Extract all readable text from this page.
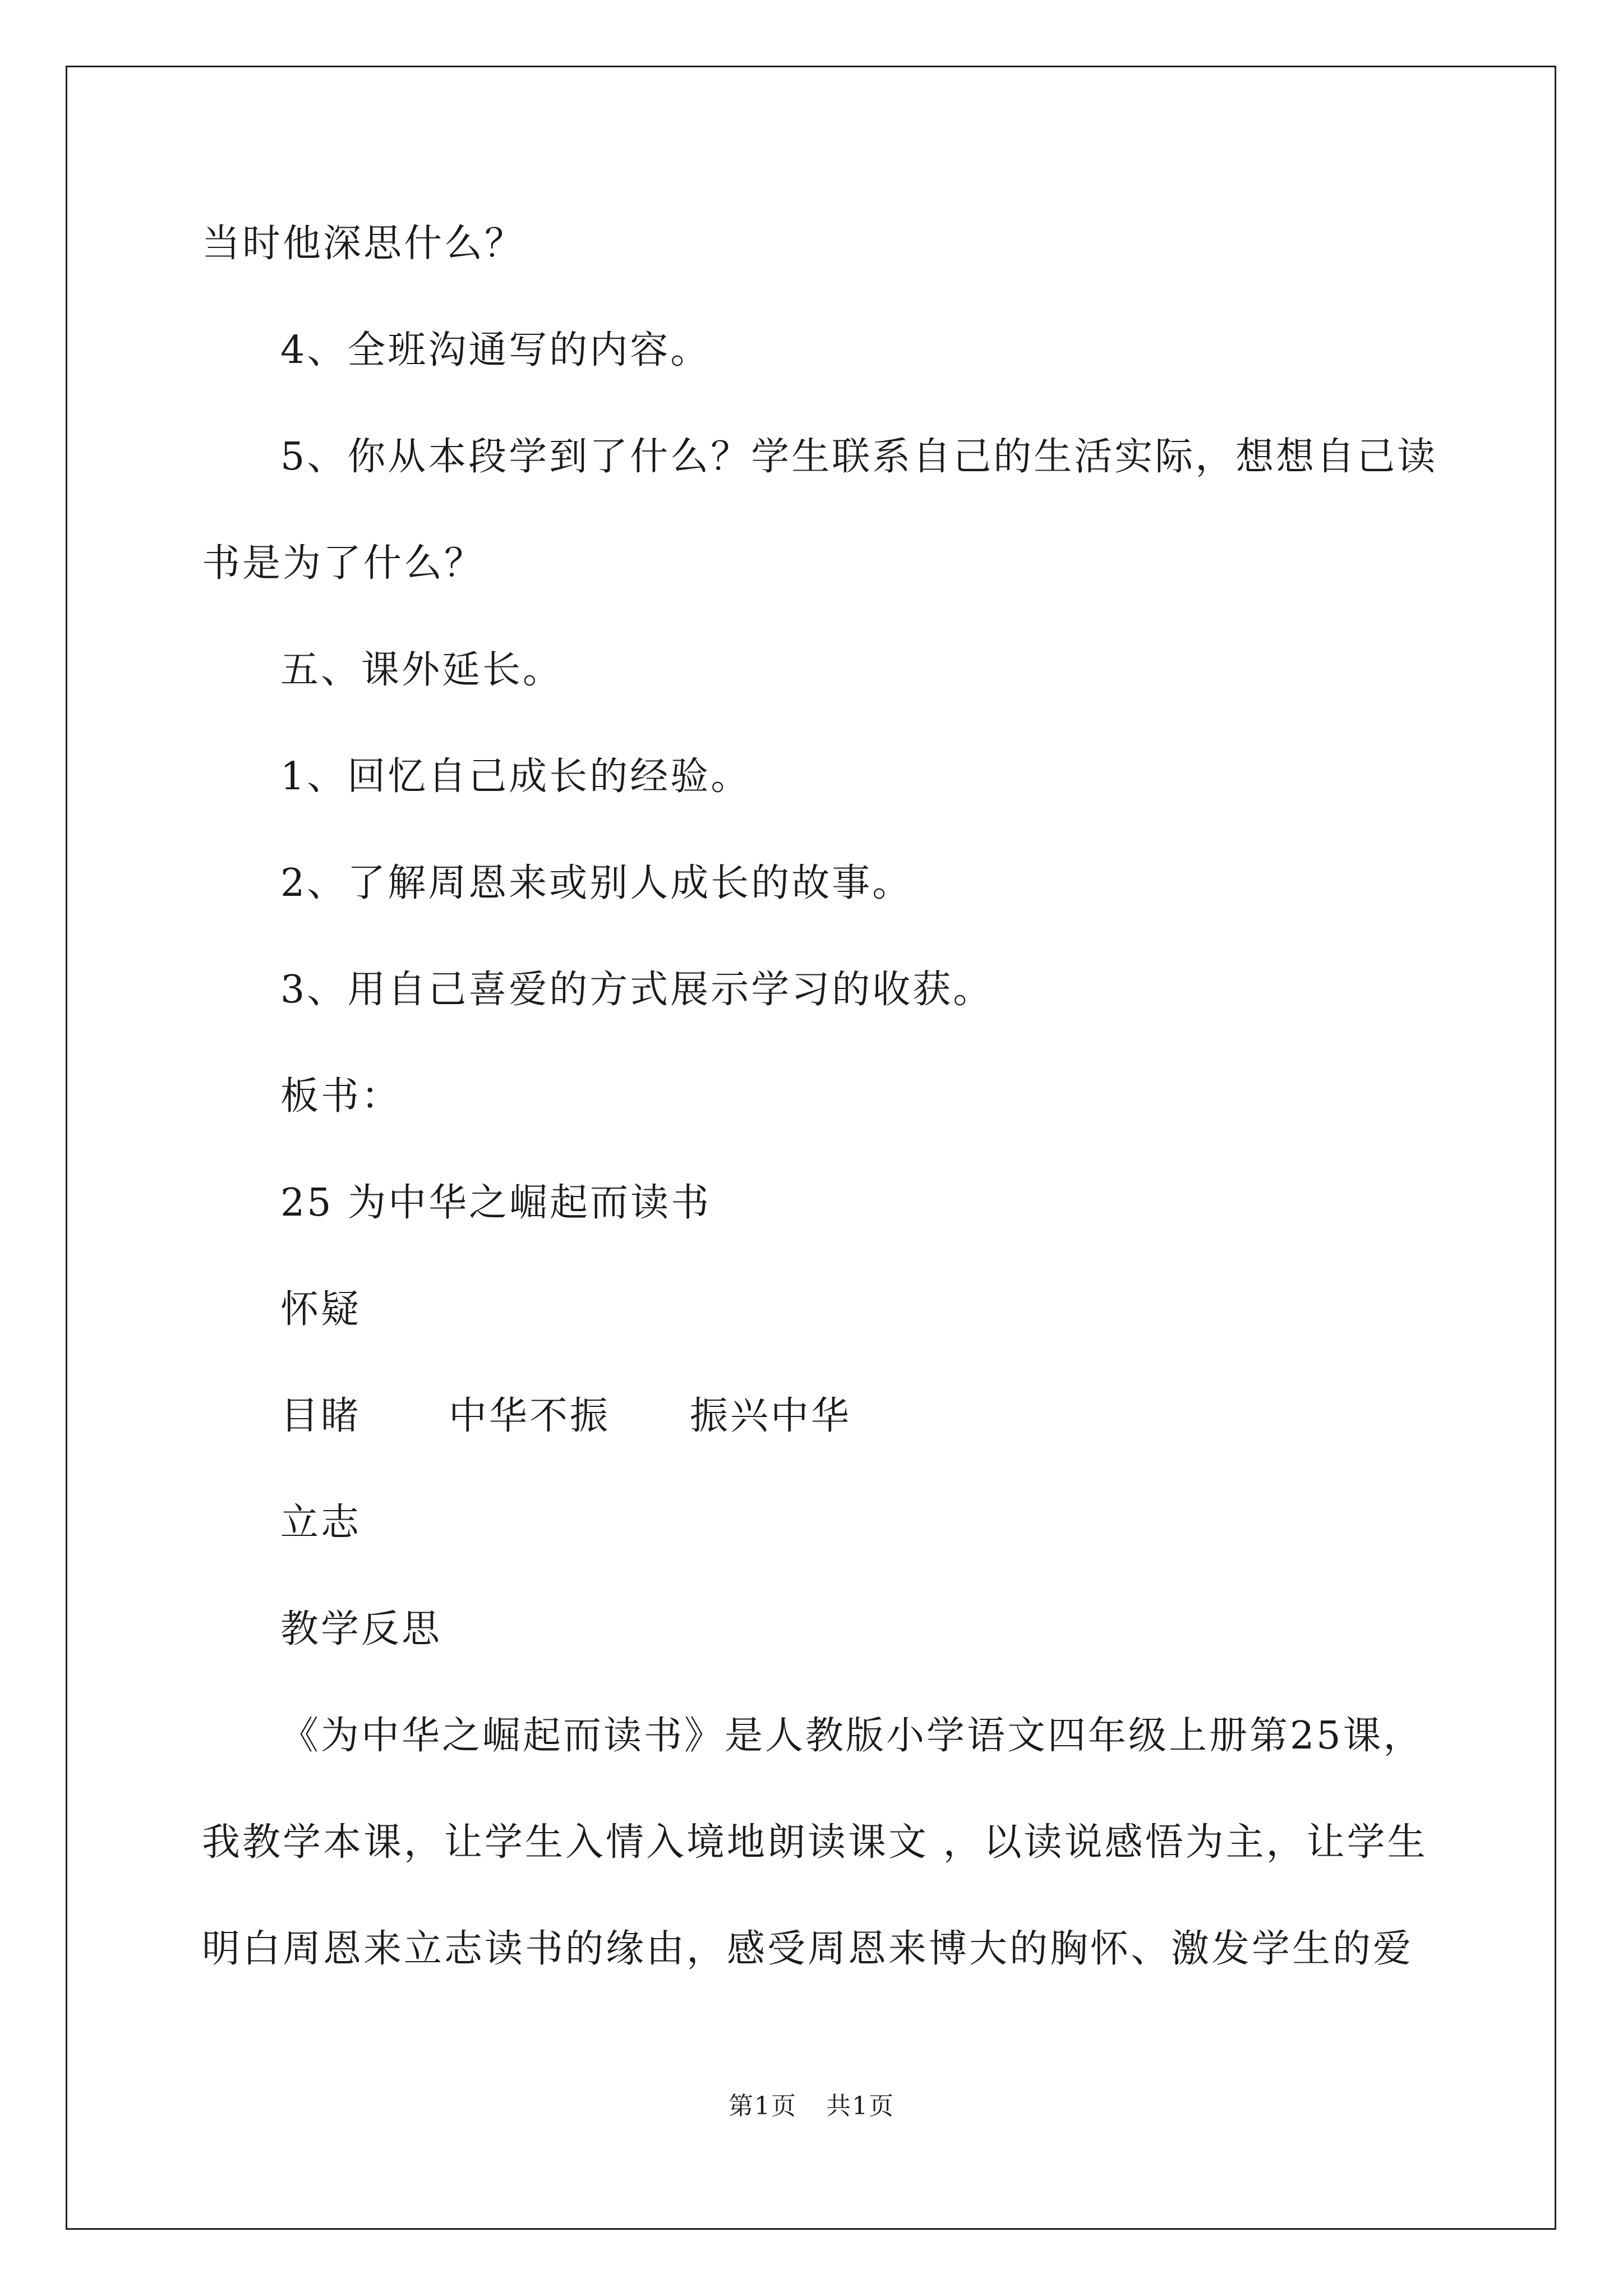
当时他深思什么？
4、全班沟通写的内容。
5、你从本段学到了什么？学生联系自己的生活实际，想想自己读
书是为了什么？
五、课外延长。
1、回忆自己成长的经验。
2、了解周恩来或别人成长的故事。
3、用自己喜爱的方式展示学习的收获。
板书：
25 为中华之崛起而读书
怀疑
目睹	中华不振	振兴中华
立志
教学反思
《为中华之崛起而读书》是人教版小学语文四年级上册第25课，
我教学本课，让学生入情入境地朗读课文 ，以读说感悟为主，让学生
明白周恩来立志读书的缘由，感受周恩来博大的胸怀、激发学生的爱
第1页 共1页
